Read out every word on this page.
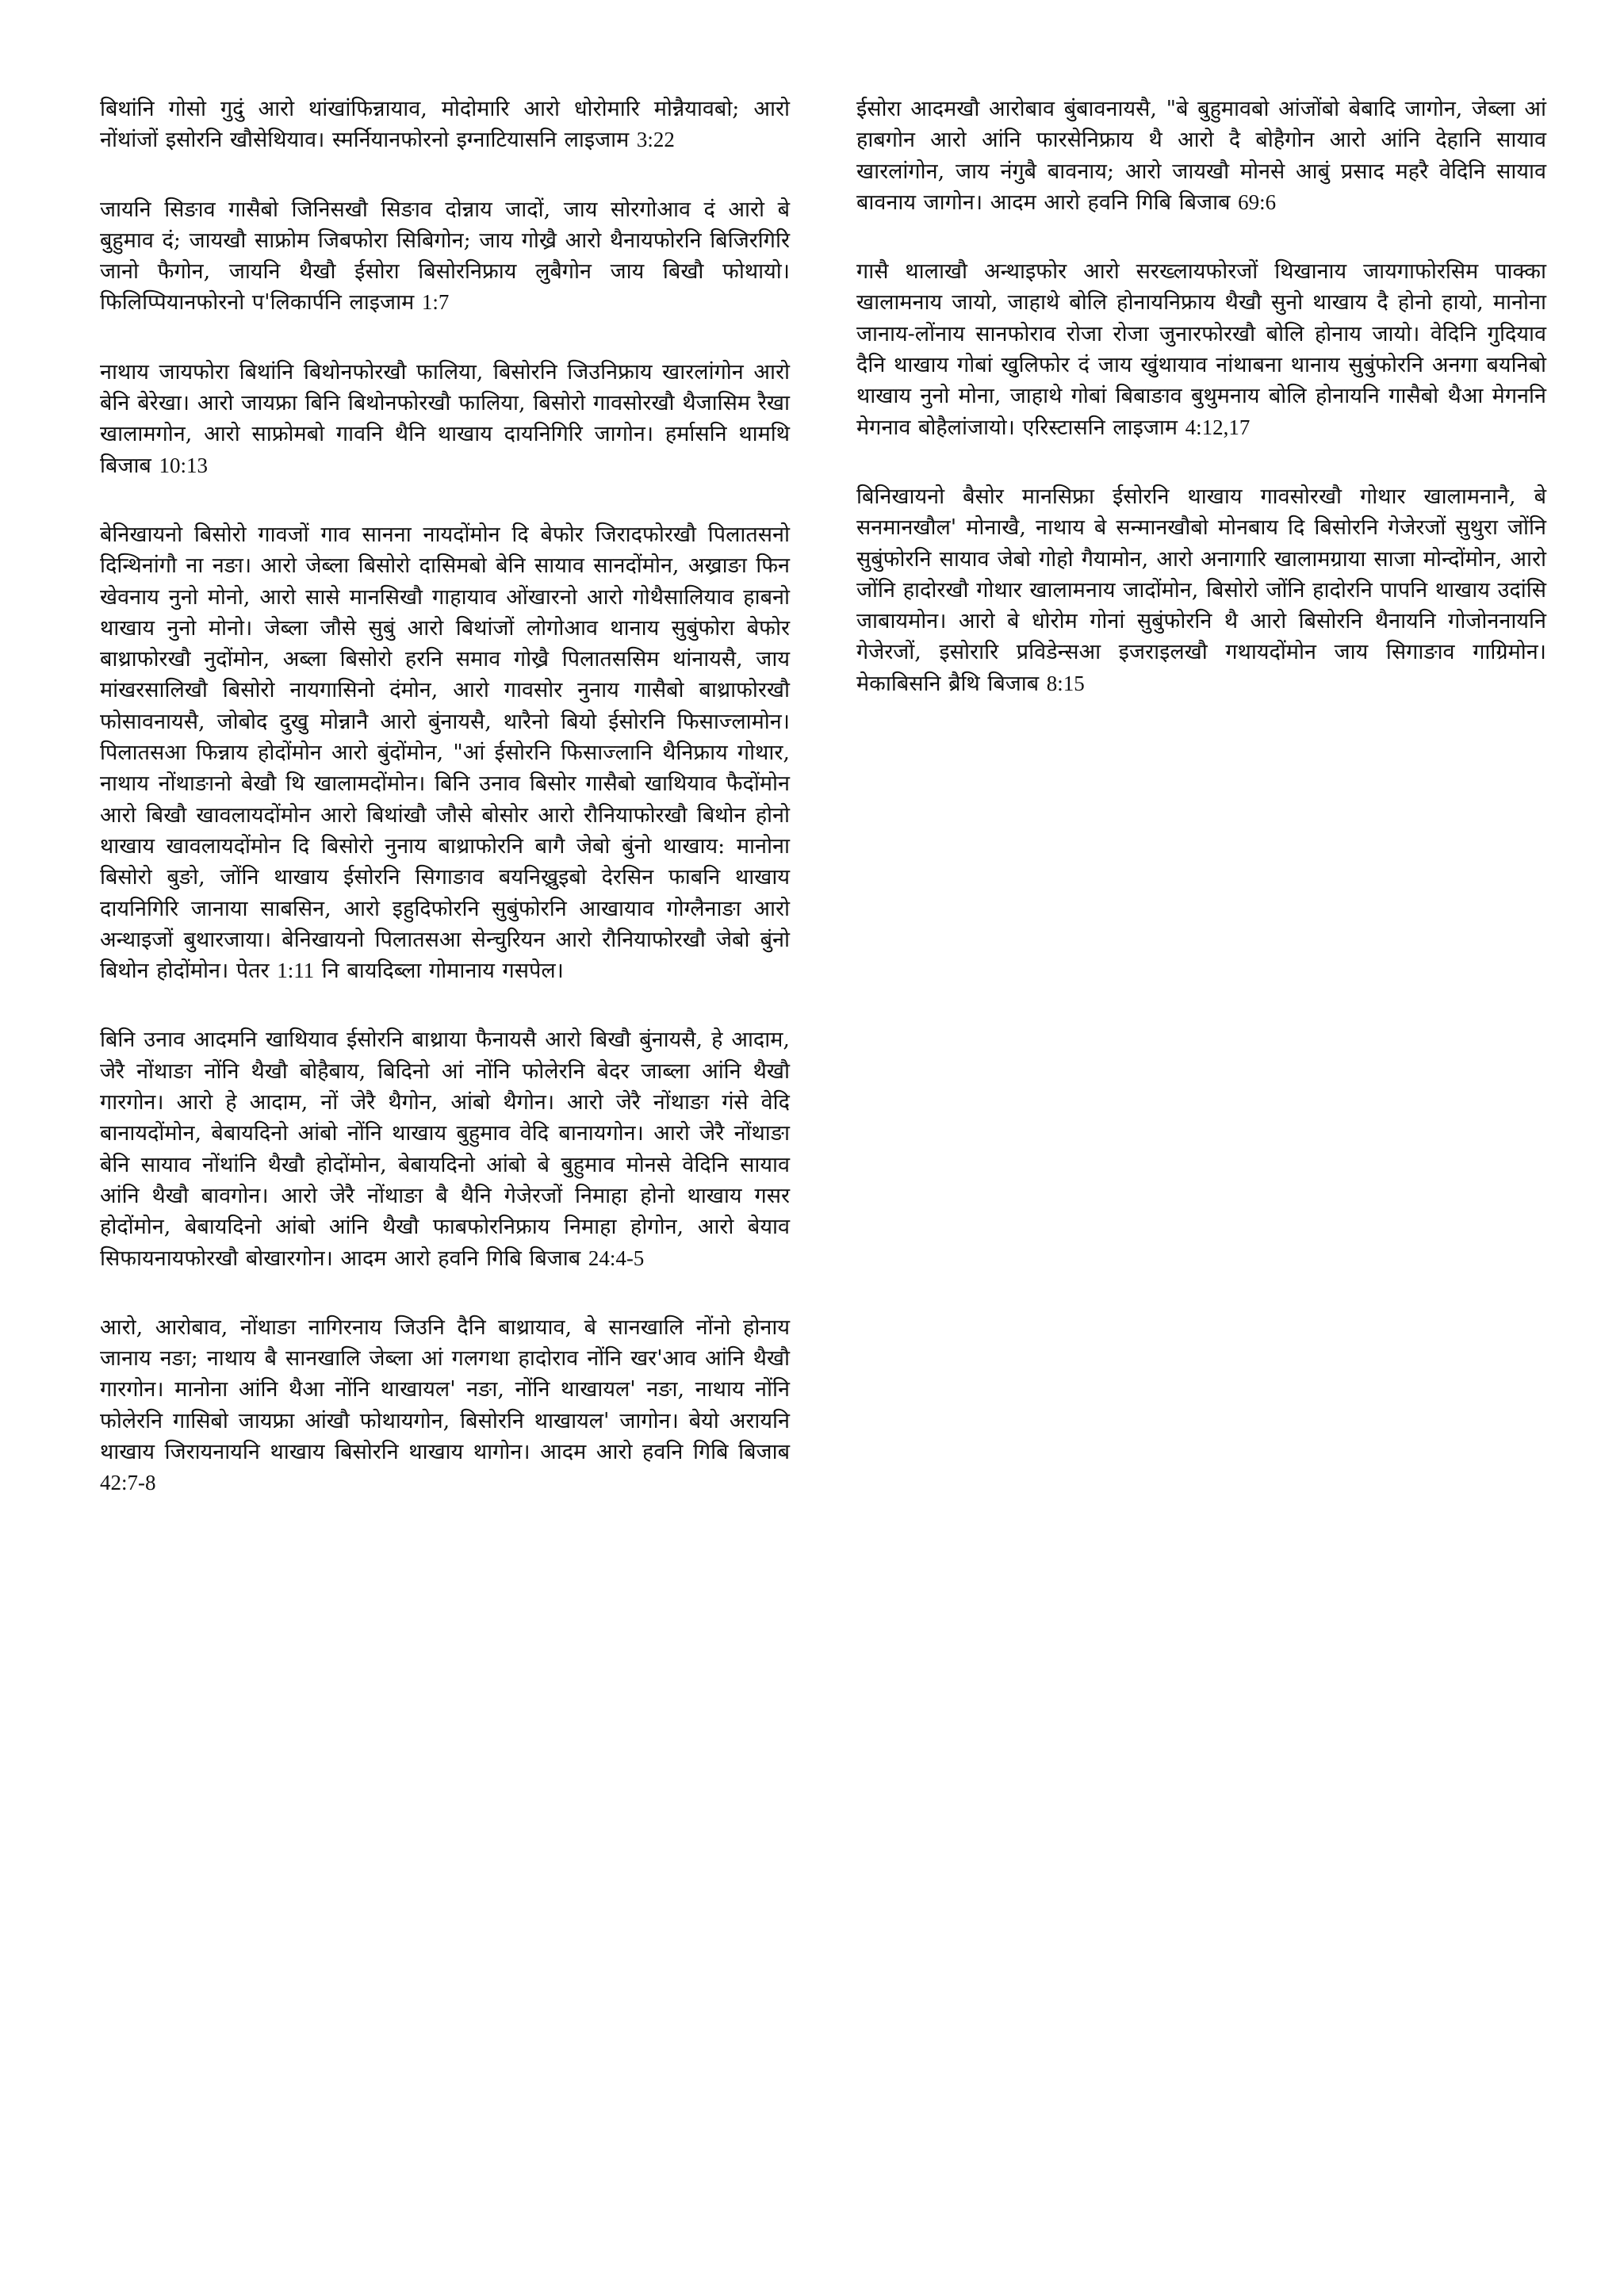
बिथांनि गोसो गुदुं आरो थांखांफिन्नायाव, मोदोमारि आरो धोरोमारि मोन्नैयावबो; आरो नोंथांजों इसोरनि खौसेथियाव। स्मर्नियानफोरनो इग्नाटियासनि लाइजाम 3:22

जायनि सिङाव गासैबो जिनिसखौ सिङाव दोन्नाय जादों, जाय सोरगोआव दं आरो बे बुहुमाव दं; जायखौ साफ्रोम जिबफोरा सिबिगोन; जाय गोख्रै आरो थैनायफोरनि बिजिरगिरि जानो फैगोन, जायनि थैखौ ईसोरा बिसोरनिफ्राय लुबैगोन जाय बिखौ फोथायो। फिलिप्पियानफोरनो प'लिकार्पनि लाइजाम 1:7

नाथाय जायफोरा बिथांनि बिथोनफोरखौ फालिया, बिसोरनि जिउनिफ्राय खारलांगोन आरो बेनि बेरेखा। आरो जायफ्रा बिनि बिथोनफोरखौ फालिया, बिसोरो गावसोरखौ थैजासिम रैखा खालामगोन, आरो साफ्रोमबो गावनि थैनि थाखाय दायनिगिरि जागोन। हर्मासनि थामथि बिजाब 10:13

बेनिखायनो बिसोरो गावजों गाव सानना नायदोंमोन दि बेफोर जिरादफोरखौ पिलातसनो दिन्थिनांगौ ना नङा। आरो जेब्ला बिसोरो दासिमबो बेनि सायाव सानदोंमोन, अख्राङा फिन खेवनाय नुनो मोनो, आरो सासे मानसिखौ गाहायाव ओंखारनो आरो गोथैसालियाव हाबनो थाखाय नुनो मोनो। जेब्ला जौसे सुबुं आरो बिथांजों लोगोआव थानाय सुबुंफोरा बेफोर बाथ्राफोरखौ नुदोंमोन, अब्ला बिसोरो हरनि समाव गोख्रै पिलातससिम थांनायसै, जाय मांखरसालिखौ बिसोरो नायगासिनो दंमोन, आरो गावसोर नुनाय गासैबो बाथ्राफोरखौ फोसावनायसै, जोबोद दुखु मोन्नानै आरो बुंनायसै, थारैनो बियो ईसोरनि फिसाज्लामोन। पिलातसआ फिन्नाय होदोंमोन आरो बुंदोंमोन, "आं ईसोरनि फिसाज्लानि थैनिफ्राय गोथार, नाथाय नोंथाङानो बेखौ थि खालामदोंमोन। बिनि उनाव बिसोर गासैबो खाथियाव फैदोंमोन आरो बिखौ खावलायदोंमोन आरो बिथांखौ जौसे बोसोर आरो रौनियाफोरखौ बिथोन होनो थाखाय खावलायदोंमोन दि बिसोरो नुनाय बाथ्राफोरनि बागै जेबो बुंनो थाखाय: मानोना बिसोरो बुङो, जोंनि थाखाय ईसोरनि सिगाङाव बयनिख्रुइबो देरसिन फाबनि थाखाय दायनिगिरि जानाया साबसिन, आरो इहुदिफोरनि सुबुंफोरनि आखायाव गोग्लैनाङा आरो अन्थाइजों बुथारजाया। बेनिखायनो पिलातसआ सेन्चुरियन आरो रौनियाफोरखौ जेबो बुंनो बिथोन होदोंमोन। पेतर 1:11 नि बायदिब्ला गोमानाय गसपेल।

बिनि उनाव आदमनि खाथियाव ईसोरनि बाथ्राया फैनायसै आरो बिखौ बुंनायसै, हे आदाम, जेरै नोंथाङा नोंनि थैखौ बोहैबाय, बिदिनो आं नोंनि फोलेरनि बेदर जाब्ला आंनि थैखौ गारगोन। आरो हे आदाम, नों जेरै थैगोन, आंबो थैगोन। आरो जेरै नोंथाङा गंसे वेदि बानायदोंमोन, बेबायदिनो आंबो नोंनि थाखाय बुहुमाव वेदि बानायगोन। आरो जेरै नोंथाङा बेनि सायाव नोंथांनि थैखौ होदोंमोन, बेबायदिनो आंबो बे बुहुमाव मोनसे वेदिनि सायाव आंनि थैखौ बावगोन। आरो जेरै नोंथाङा बै थैनि गेजेरजों निमाहा होनो थाखाय गसर होदोंमोन, बेबायदिनो आंबो आंनि थैखौ फाबफोरनिफ्राय निमाहा होगोन, आरो बेयाव सिफायनायफोरखौ बोखारगोन। आदम आरो हवनि गिबि बिजाब 24:4-5

आरो, आरोबाव, नोंथाङा नागिरनाय जिउनि दैनि बाथ्रायाव, बे सानखालि नोंनो होनाय जानाय नङा; नाथाय बै सानखालि जेब्ला आं गलगथा हादोराव नोंनि खर'आव आंनि थैखौ गारगोन। मानोना आंनि थैआ नोंनि थाखायल' नङा, नोंनि थाखायल' नङा, नाथाय नोंनि फोलेरनि गासिबो जायफ्रा आंखौ फोथायगोन, बिसोरनि थाखायल' जागोन। बेयो अरायनि थाखाय जिरायनायनि थाखाय बिसोरनि थाखाय थागोन। आदम आरो हवनि गिबि बिजाब 42:7-8

ईसोरा आदमखौ आरोबाव बुंबावनायसै, "बे बुहुमावबो आंजोंबो बेबादि जागोन, जेब्ला आं हाबगोन आरो आंनि फारसेनिफ्राय थै आरो दै बोहैगोन आरो आंनि देहानि सायाव खारलांगोन, जाय नंगुबै बावनाय; आरो जायखौ मोनसे आबुं प्रसाद महरै वेदिनि सायाव बावनाय जागोन। आदम आरो हवनि गिबि बिजाब 69:6

गासै थालाखौ अन्थाइफोर आरो सरख्लायफोरजों थिखानाय जायगाफोरसिम पाक्का खालामनाय जायो, जाहाथे बोलि होनायनिफ्राय थैखौ सुनो थाखाय दै होनो हायो, मानोना जानाय-लोंनाय सानफोराव रोजा रोजा जुनारफोरखौ बोलि होनाय जायो। वेदिनि गुदियाव दैनि थाखाय गोबां खुलिफोर दं जाय खुंथायाव नांथाबना थानाय सुबुंफोरनि अनगा बयनिबो थाखाय नुनो मोना, जाहाथे गोबां बिबाङाव बुथुमनाय बोलि होनायनि गासैबो थैआ मेगननि मेगनाव बोहैलांजायो। एरिस्टासनि लाइजाम 4:12,17

बिनिखायनो बैसोर मानसिफ्रा ईसोरनि थाखाय गावसोरखौ गोथार खालामनानै, बे सनमानखौल' मोनाखै, नाथाय बे सन्मानखौबो मोनबाय दि बिसोरनि गेजेरजों सुथुरा जोंनि सुबुंफोरनि सायाव जेबो गोहो गैयामोन, आरो अनागारि खालामग्राया साजा मोन्दोंमोन, आरो जोंनि हादोरखौ गोथार खालामनाय जादोंमोन, बिसोरो जोंनि हादोरनि पापनि थाखाय उदांसि जाबायमोन। आरो बे धोरोम गोनां सुबुंफोरनि थै आरो बिसोरनि थैनायनि गोजोननायनि गेजेरजों, इसोरारि प्रविडेन्सआ इजराइलखौ गथायदोंमोन जाय सिगाङाव गाग्रिमोन। मेकाबिसनि ब्रैथि बिजाब 8:15
